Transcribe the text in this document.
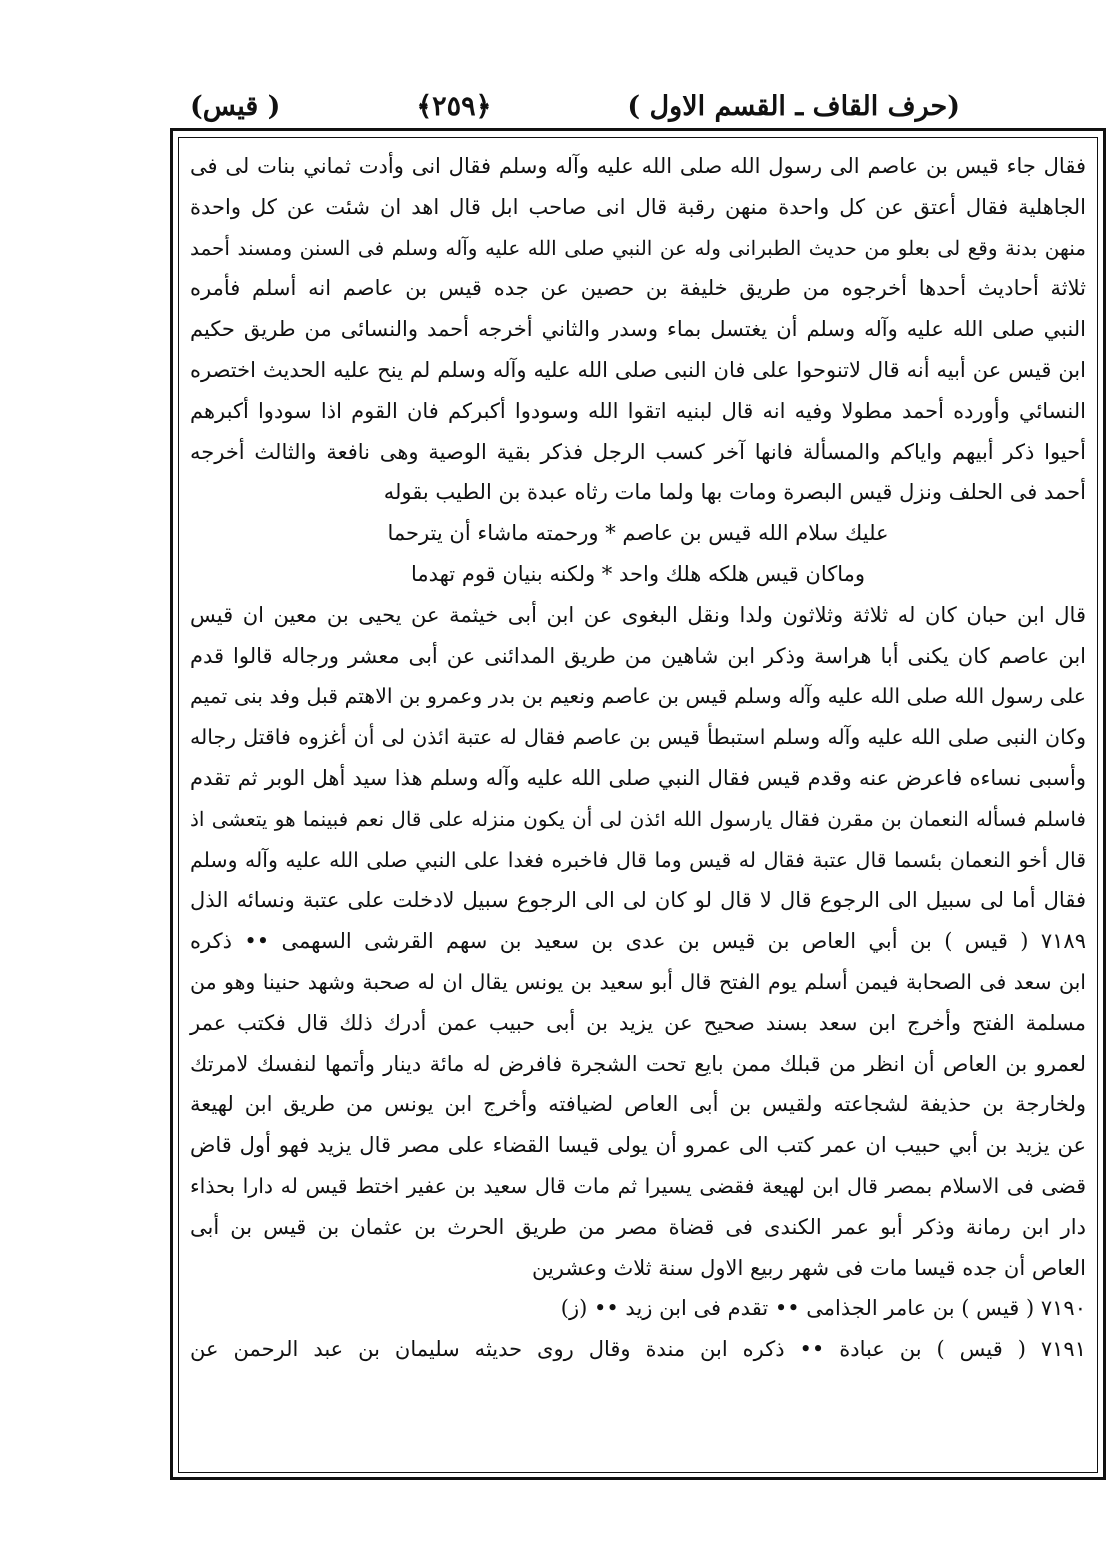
(حرف القاف ـ القسم الاول )
﴿٢٥٩﴾
( قيس)
فقال جاء قيس بن عاصم الى رسول الله صلى الله عليه وآله وسلم فقال انى وأدت ثماني بنات لى فى
الجاهلية فقال أعتق عن كل واحدة منهن رقبة قال انى صاحب ابل قال اهد ان شئت عن كل واحدة
منهن بدنة وقع لى بعلو من حديث الطبرانى وله عن النبي صلى الله عليه وآله وسلم فى السنن ومسند أحمد
ثلاثة أحاديث أحدها أخرجوه من طريق خليفة بن حصين عن جده قيس بن عاصم انه أسلم فأمره
النبي صلى الله عليه وآله وسلم أن يغتسل بماء وسدر والثاني أخرجه أحمد والنسائى من طريق حكيم
ابن قيس عن أبيه أنه قال لاتنوحوا على فان النبى صلى الله عليه وآله وسلم لم ينح عليه الحديث اختصره
النسائي وأورده أحمد مطولا وفيه انه قال لبنيه اتقوا الله وسودوا أكبركم فان القوم اذا سودوا أكبرهم
أحيوا ذكر أبيهم واياكم والمسألة فانها آخر كسب الرجل فذكر بقية الوصية وهى نافعة والثالث أخرجه
أحمد فى الحلف ونزل قيس البصرة ومات بها ولما مات رثاه عبدة بن الطيب بقوله
عليك سلام الله قيس بن عاصم * ورحمته ماشاء أن يترحما
وماكان قيس هلكه هلك واحد * ولكنه بنيان قوم تهدما
قال ابن حبان كان له ثلاثة وثلاثون ولدا ونقل البغوى عن ابن أبى خيثمة عن يحيى بن معين ان قيس
ابن عاصم كان يكنى أبا هراسة وذكر ابن شاهين من طريق المدائنى عن أبى معشر ورجاله قالوا قدم
على رسول الله صلى الله عليه وآله وسلم قيس بن عاصم ونعيم بن بدر وعمرو بن الاهتم قبل وفد بنى تميم
وكان النبى صلى الله عليه وآله وسلم استبطأ قيس بن عاصم فقال له عتبة ائذن لى أن أغزوه فاقتل رجاله
وأسبى نساءه فاعرض عنه وقدم قيس فقال النبي صلى الله عليه وآله وسلم هذا سيد أهل الوبر ثم تقدم
فاسلم فسأله النعمان بن مقرن فقال يارسول الله ائذن لى أن يكون منزله على قال نعم فبينما هو يتعشى اذ
قال أخو النعمان بئسما قال عتبة فقال له قيس وما قال فاخبره فغدا على النبي صلى الله عليه وآله وسلم
فقال أما لى سبيل الى الرجوع قال لا قال لو كان لى الى الرجوع سبيل لادخلت على عتبة ونسائه الذل
٧١٨٩ ( قيس ) بن أبي العاص بن قيس بن عدى بن سعيد بن سهم القرشى السهمى •• ذكره
ابن سعد فى الصحابة فيمن أسلم يوم الفتح قال أبو سعيد بن يونس يقال ان له صحبة وشهد حنينا وهو من
مسلمة الفتح وأخرج ابن سعد بسند صحيح عن يزيد بن أبى حبيب عمن أدرك ذلك قال فكتب عمر
لعمرو بن العاص أن انظر من قبلك ممن بايع تحت الشجرة فافرض له مائة دينار وأتمها لنفسك لامرتك
ولخارجة بن حذيفة لشجاعته ولقيس بن أبى العاص لضيافته وأخرج ابن يونس من طريق ابن لهيعة
عن يزيد بن أبي حبيب ان عمر كتب الى عمرو أن يولى قيسا القضاء على مصر قال يزيد فهو أول قاض
قضى فى الاسلام بمصر قال ابن لهيعة فقضى يسيرا ثم مات قال سعيد بن عفير اختط قيس له دارا بحذاء
دار ابن رمانة وذكر أبو عمر الكندى فى قضاة مصر من طريق الحرث بن عثمان بن قيس بن أبى
العاص أن جده قيسا مات فى شهر ربيع الاول سنة ثلاث وعشرين
٧١٩٠ ( قيس ) بن عامر الجذامى •• تقدم فى ابن زيد •• (ز)
٧١٩١ ( قيس ) بن عبادة •• ذكره ابن مندة وقال روى حديثه سليمان بن عبد الرحمن عن
